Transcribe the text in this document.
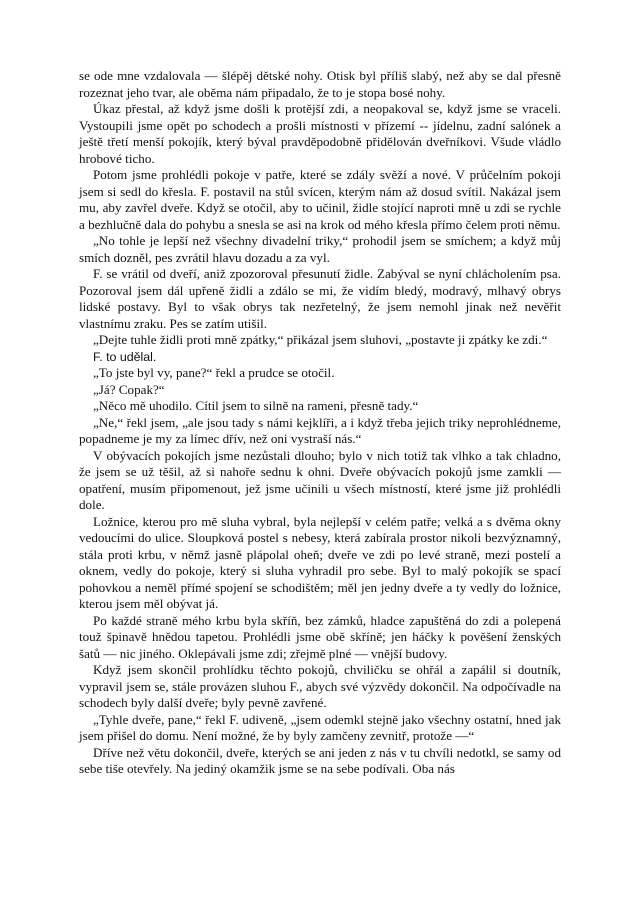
se ode mne vzdalovala — šlépěj dětské nohy. Otisk byl příliš slabý, než aby se dal přesně rozeznat jeho tvar, ale oběma nám připadalo, že to je stopa bosé nohy.

Úkaz přestal, až když jsme došli k protější zdi, a neopakoval se, když jsme se vraceli. Vystoupili jsme opět po schodech a prošli místnosti v přízemí -- jídelnu, zadní salónek a ještě třetí menší pokojík, který býval pravděpodobně přidělován dveřníkovi. Všude vládlo hrobové ticho.

Potom jsme prohlédli pokoje v patře, které se zdály svěží a nové. V průčelním pokoji jsem si sedl do křesla. F. postavil na stůl svícen, kterým nám až dosud svítil. Nakázal jsem mu, aby zavřel dveře. Když se otočil, aby to učinil, židle stojící naproti mně u zdi se rychle a bezhlučně dala do pohybu a snesla se asi na krok od mého křesla přímo čelem proti němu.

„No tohle je lepší než všechny divadelní triky,“ prohodil jsem se smíchem; a když můj smích dozněl, pes zvrátil hlavu dozadu a za vyl.

F. se vrátil od dveří, aniž zpozoroval přesunutí židle. Zabýval se nyní chlácholením psa. Pozoroval jsem dál upřeně židli a zdálo se mi, že vidím bledý, modravý, mlhavý obrys lidské postavy. Byl to však obrys tak nezřetelný, že jsem nemohl jinak než nevěřit vlastnímu zraku. Pes se zatím utišil.

„Dejte tuhle židli proti mně zpátky,“ přikázal jsem sluhovi, „postavte ji zpátky ke zdi.“

F. to udělal.

„To jste byl vy, pane?“ řekl a prudce se otočil.

„Já? Copak?“

„Něco mě uhodilo. Cítil jsem to silně na rameni, přesně tady.“

„Ne,“ řekl jsem, „ale jsou tady s námi kejklíři, a i když třeba jejich triky neprohlédneme, popadneme je my za límec dřív, než oni vystraší nás.“

V obývacích pokojích jsme nezůstali dlouho; bylo v nich totiž tak vlhko a tak chladno, že jsem se už těšil, až si nahoře sednu k ohni. Dveře obývacích pokojů jsme zamkli —opatření, musím připomenout, jež jsme učinili u všech místností, které jsme již prohlédli dole.

Ložnice, kterou pro mě sluha vybral, byla nejlepší v celém patře; velká a s dvěma okny vedoucími do ulice. Sloupková postel s nebesy, která zabírala prostor nikoli bezvýznamný, stála proti krbu, v němž jasně plápolal oheň; dveře ve zdi po levé straně, mezi postelí a oknem, vedly do pokoje, který si sluha vyhradil pro sebe. Byl to malý pokojík se spací pohovkou a neměl přímé spojení se schodištěm; měl jen jedny dveře a ty vedly do ložnice, kterou jsem měl obývat já.

Po každé straně mého krbu byla skříň, bez zámků, hladce zapuštěná do zdi a polepená touž špinavě hnědou tapetou. Prohlédli jsme obě skříně; jen háčky k pověšení ženských šatů — nic jiného. Oklepávali jsme zdi; zřejmě plné — vnější budovy.

Když jsem skončil prohlídku těchto pokojů, chviličku se ohřál a zapálil si doutník, vypravil jsem se, stále provázen sluhou F., abych své výzvědy dokončil. Na odpočívadle na schodech byly další dveře; byly pevně zavřené.

„Tyhle dveře, pane,“ řekl F. udiveně, „jsem odemkl stejně jako všechny ostatní, hned jak jsem přišel do domu. Není možné, že by byly zamčeny zevnitř, protože —“

Dříve než větu dokončil, dveře, kterých se ani jeden z nás v tu chvíli nedotkl, se samy od sebe tiše otevřely. Na jediný okamžik jsme se na sebe podívali. Oba nás
